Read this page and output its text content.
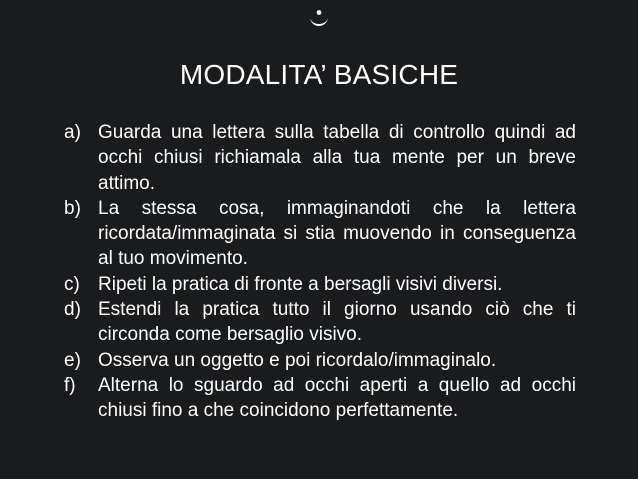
MODALITA’ BASICHE
a) Guarda una lettera sulla tabella di controllo quindi ad occhi chiusi richiamala alla tua mente per un breve attimo.
b) La stessa cosa, immaginandoti che la lettera ricordata/immaginata si stia muovendo in conseguenza al tuo movimento.
c) Ripeti la pratica di fronte a bersagli visivi diversi.
d) Estendi la pratica tutto il giorno usando ciò che ti circonda come bersaglio visivo.
e) Osserva un oggetto e poi ricordalo/immaginalo.
f)	Alterna lo sguardo ad occhi aperti a quello ad occhi chiusi fino a che coincidono perfettamente.
